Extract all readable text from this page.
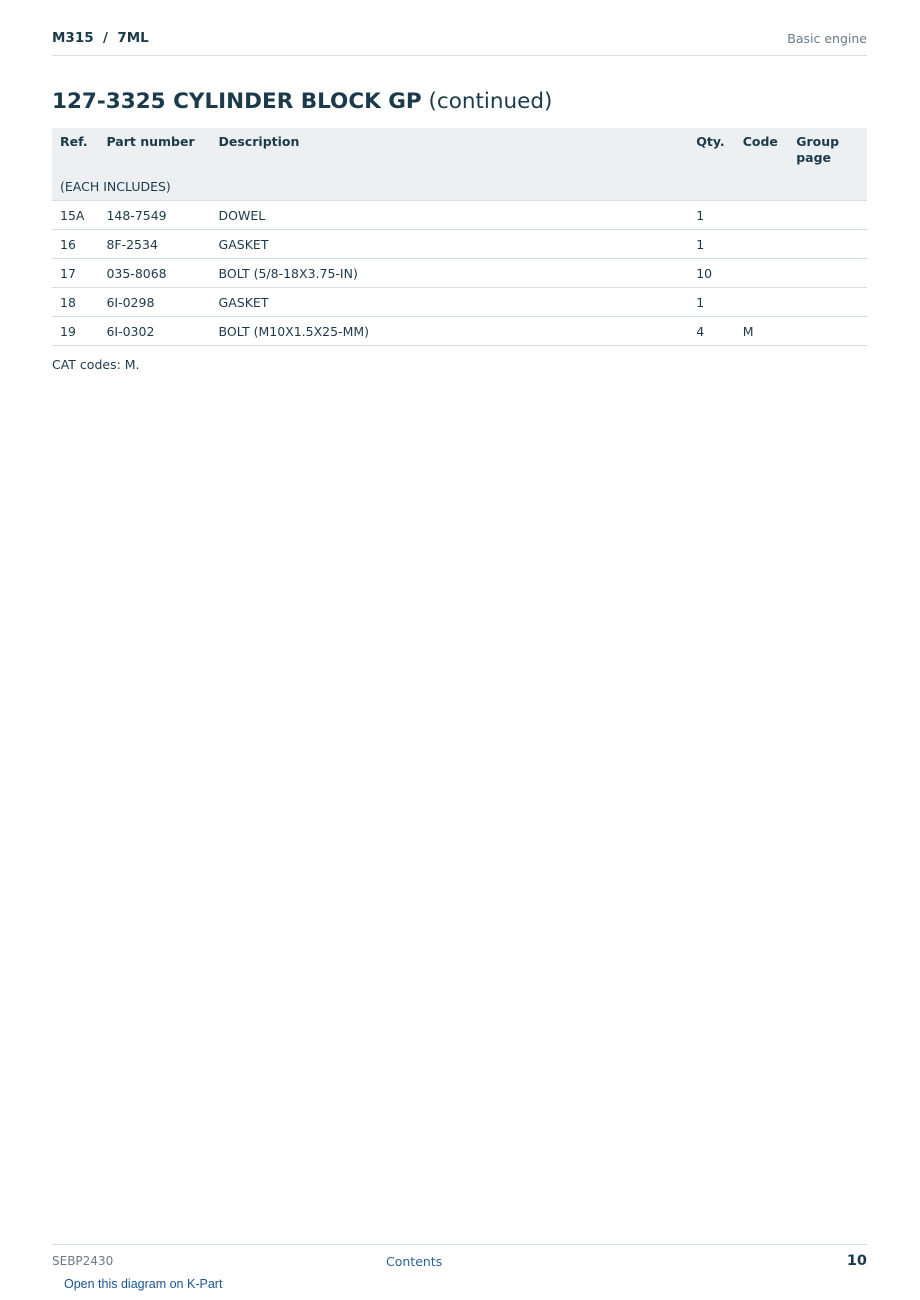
M315  /  7ML	Basic engine
127-3325 CYLINDER BLOCK GP (continued)
Ref.	Part number	Description	Qty.	Code	Group page
(EACH INCLUDES)					
15A	148-7549	DOWEL	1		
16	8F-2534	GASKET	1		
17	035-8068	BOLT (5/8-18X3.75-IN)	10		
18	6I-0298	GASKET	1		
19	6I-0302	BOLT (M10X1.5X25-MM)	4	M	
CAT codes: M.
SEBP2430	Contents	10
Open this diagram on K-Part
